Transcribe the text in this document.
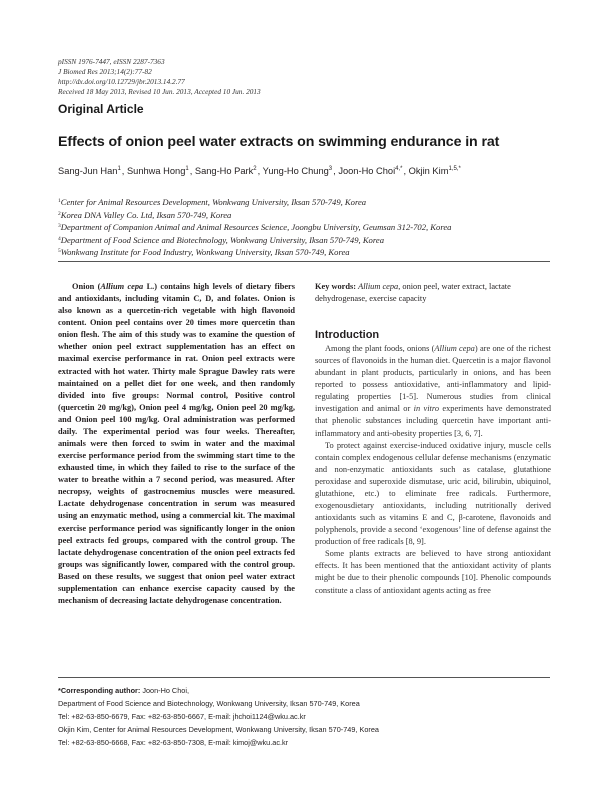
pISSN 1976-7447, eISSN 2287-7363
J Biomed Res 2013;14(2):77-82
http://dx.doi.org/10.12729/jbr.2013.14.2.77
Received 18 May 2013, Revised 10 Jun. 2013, Accepted 10 Jun. 2013
Original Article
Effects of onion peel water extracts on swimming endurance in rat
Sang-Jun Han$^1$, Sunhwa Hong$^1$, Sang-Ho Park$^2$, Yung-Ho Chung$^3$, Joon-Ho Choi$^{4,*}$, Okjin Kim$^{1,5,*}$
$^1$Center for Animal Resources Development, Wonkwang University, Iksan 570-749, Korea
$^2$Korea DNA Valley Co. Ltd, Iksan 570-749, Korea
$^3$Department of Companion Animal and Animal Resources Science, Joongbu University, Geumsan 312-702, Korea
$^4$Department of Food Science and Biotechnology, Wonkwang University, Iksan 570-749, Korea
$^5$Wonkwang Institute for Food Industry, Wonkwang University, Iksan 570-749, Korea
Onion (Allium cepa L.) contains high levels of dietary fibers and antioxidants, including vitamin C, D, and folates. Onion is also known as a quercetin-rich vegetable with high flavonoid content. Onion peel contains over 20 times more quercetin than onion flesh. The aim of this study was to examine the question of whether onion peel extract supplementation has an effect on maximal exercise performance in rat. Onion peel extracts were extracted with hot water. Thirty male Sprague Dawley rats were maintained on a pellet diet for one week, and then randomly divided into five groups: Normal control, Positive control (quercetin 20 mg/kg), Onion peel 4 mg/kg, Onion peel 20 mg/kg, and Onion peel 100 mg/kg. Oral administration was performed daily. The experimental period was four weeks. Thereafter, animals were then forced to swim in water and the maximal exercise performance period from the swimming start time to the exhausted time, in which they failed to rise to the surface of the water to breathe within a 7 second period, was measured. After necropsy, weights of gastrocnemius muscles were measured. Lactate dehydrogenase concentration in serum was measured using an enzymatic method, using a commercial kit. The maximal exercise performance period was significantly longer in the onion peel extracts fed groups, compared with the control group. The lactate dehydrogenase concentration of the onion peel extracts fed groups was significantly lower, compared with the control group. Based on these results, we suggest that onion peel water extract supplementation can enhance exercise capacity caused by the mechanism of decreasing lactate dehydrogenase concentration.
Key words: Allium cepa, onion peel, water extract, lactate dehydrogenase, exercise capacity
Introduction

Among the plant foods, onions (Allium cepa) are one of the richest sources of flavonoids in the human diet. Quercetin is a major flavonol abundant in plant products, particularly in onions, and has been reported to possess antioxidative, anti-inflammatory and lipid-regulating properties [1-5]. Numerous studies from clinical investigation and animal or in vitro experiments have demonstrated that phenolic substances including quercetin have important anti-inflammatory and anti-obesity properties [3, 6, 7].

To protect against exercise-induced oxidative injury, muscle cells contain complex endogenous cellular defense mechanisms (enzymatic and non-enzymatic antioxidants such as catalase, glutathione peroxidase and superoxide dismutase, uric acid, bilirubin, ubiquinol, glutathione, etc.) to eliminate free radicals. Furthermore, exogenousdietary antioxidants, including nutritionally derived antioxidants such as vitamins E and C, β-carotene, flavonoids and polyphenols, provide a second ‘exogenous’ line of defense against the production of free radicals [8, 9].

Some plants extracts are believed to have strong antioxidant effects. It has been mentioned that the antioxidant activity of plants might be due to their phenolic compounds [10]. Phenolic compounds constitute a class of antioxidant agents acting as free

*Corresponding author: Joon-Ho Choi,
Department of Food Science and Biotechnology, Wonkwang University, Iksan 570-749, Korea
Tel: +82-63-850-6679, Fax: +82-63-850-6667, E-mail: jhchoi1124@wku.ac.kr
Okjin Kim, Center for Animal Resources Development, Wonkwang University, Iksan 570-749, Korea
Tel: +82-63-850-6668, Fax: +82-63-850-7308, E-mail: kimoj@wku.ac.kr
